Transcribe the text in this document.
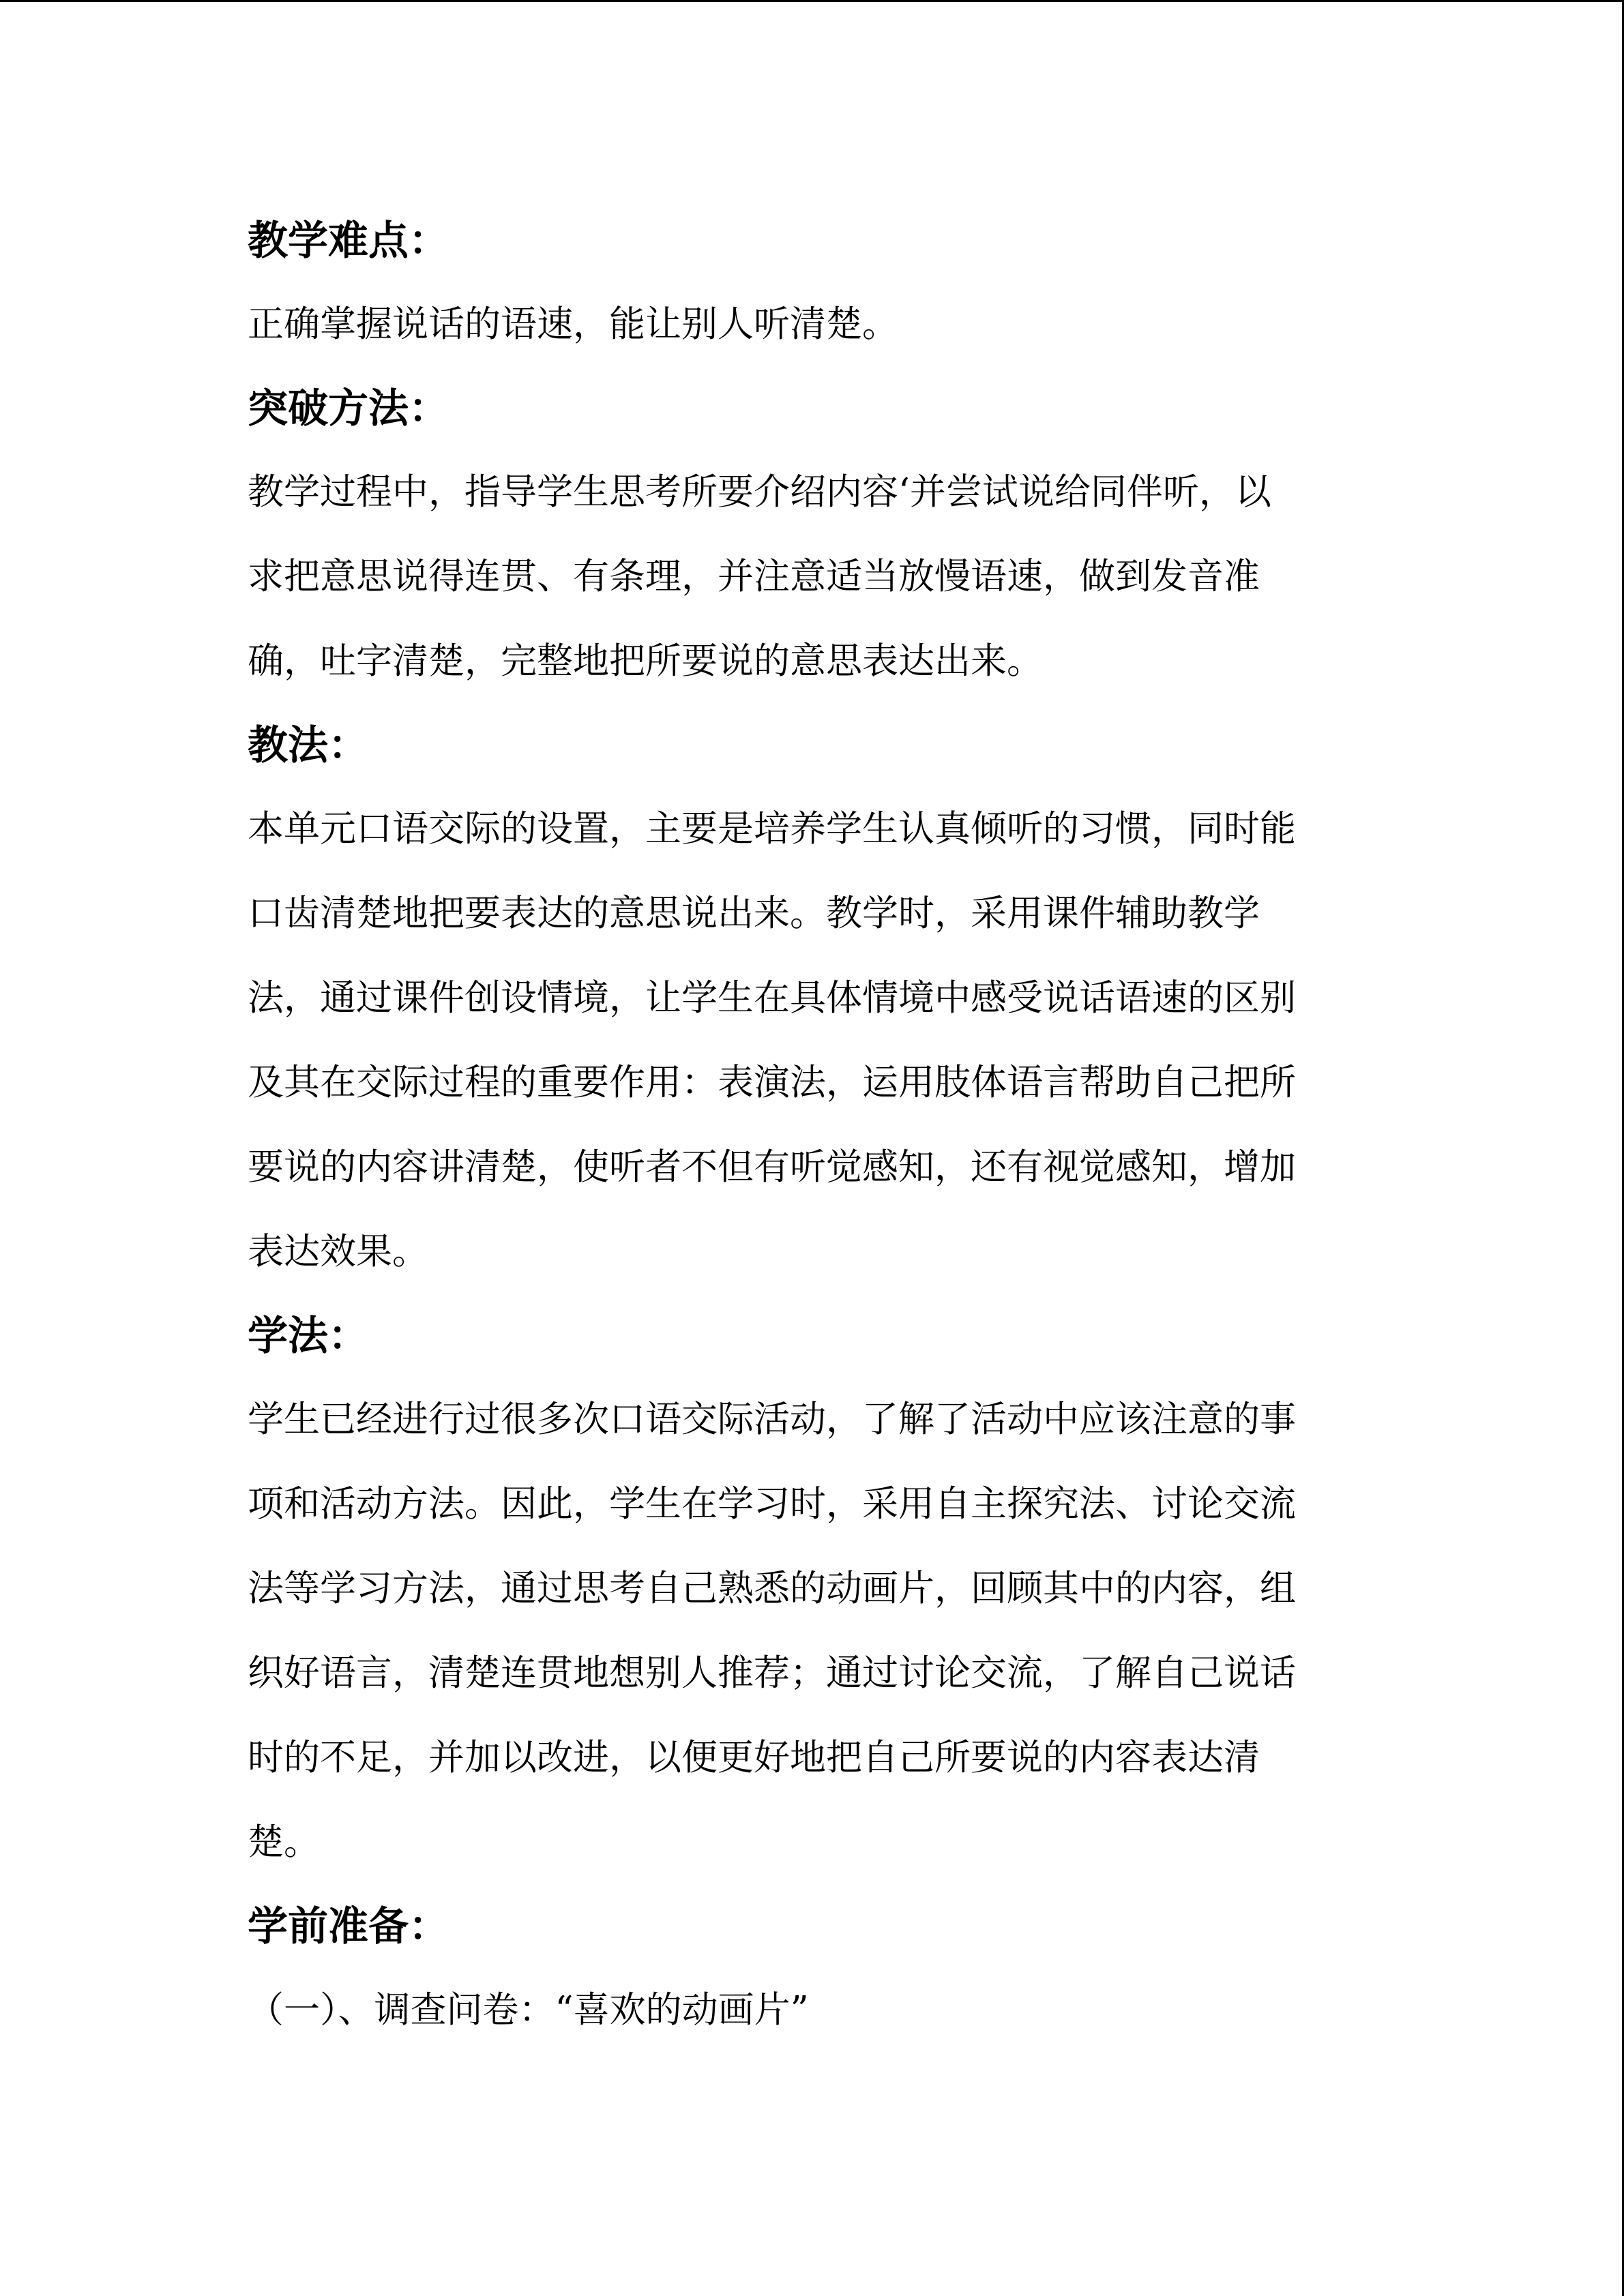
教学难点：

正确掌握说话的语速，能让别人听清楚。

突破方法：

教学过程中，指导学生思考所要介绍内容‘并尝试说给同伴听，以
求把意思说得连贯、有条理，并注意适当放慢语速，做到发音准
确，吐字清楚，完整地把所要说的意思表达出来。

教法：

本单元口语交际的设置，主要是培养学生认真倾听的习惯，同时能
口齿清楚地把要表达的意思说出来。教学时，采用课件辅助教学
法，通过课件创设情境，让学生在具体情境中感受说话语速的区别
及其在交际过程的重要作用：表演法，运用肢体语言帮助自己把所
要说的内容讲清楚，使听者不但有听觉感知，还有视觉感知，增加
表达效果。

学法：

学生已经进行过很多次口语交际活动，了解了活动中应该注意的事
项和活动方法。因此，学生在学习时，采用自主探究法、讨论交流
法等学习方法，通过思考自己熟悉的动画片，回顾其中的内容，组
织好语言，清楚连贯地想别人推荐；通过讨论交流，了解自己说话
时的不足，并加以改进，以便更好地把自己所要说的内容表达清
楚。

学前准备：

（一）、调查问卷：“喜欢的动画片”
